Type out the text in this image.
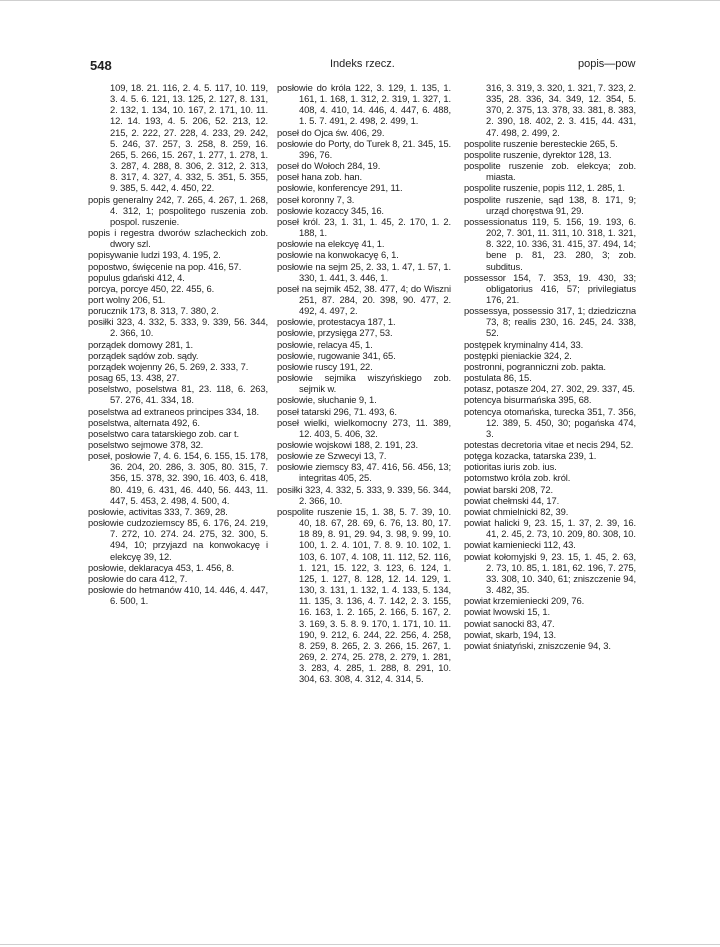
548	Indeks rzecz.	popis—pow

109, 18. 21. 116, 2. 4. 5. 117, 10. 119, 3. 4. 5. 6. 121, 13. 125, 2. 127, 8. 131, 2. 132, 1. 134, 10. 167, 2. 171, 10. 11. 12. 14. 193, 4. 5. 206, 52. 213, 12. 215, 2. 222, 27. 228, 4. 233, 29. 242, 5. 246, 37. 257, 3. 258, 8. 259, 16. 265, 5. 266, 15. 267, 1. 277, 1. 278, 1. 3. 287, 4. 288, 8. 306, 2. 312, 2. 313, 8. 317, 4. 327, 4. 332, 5. 351, 5. 355, 9. 385, 5. 442, 4. 450, 22.

popis generalny 242, 7. 265, 4. 267, 1. 268, 4. 312, 1; pospolitego ruszenia zob. pospol. ruszenie.

popis i regestra dworów szlacheckich zob. dwory szl.

popisywanie ludzi 193, 4. 195, 2.

popostwo, święcenie na pop. 416, 57.

populus gdański 412, 4.

porcya, porcye 450, 22. 455, 6.

port wolny 206, 51.

porucznik 173, 8. 313, 7. 380, 2.

posiłki 323, 4. 332, 5. 333, 9. 339, 56. 344, 2. 366, 10.

porządek domowy 281, 1.

porządek sądów zob. sądy.

porządek wojenny 26, 5. 269, 2. 333, 7.

posag 65, 13. 438, 27.

poselstwo, poselstwa 81, 23. 118, 6. 263, 57. 276, 41. 334, 18.

poselstwa ad extraneos principes 334, 18.

poselstwa, alternata 492, 6.

poselstwo cara tatarskiego zob. car t.

poselstwo sejmowe 378, 32.

poseł, posłowie 7, 4. 6. 154, 6. 155, 15. 178, 36. 204, 20. 286, 3. 305, 80. 315, 7. 356, 15. 378, 32. 390, 16. 403, 6. 418, 80. 419, 6. 431, 46. 440, 56. 443, 11. 447, 5. 453, 2. 498, 4. 500, 4.

posłowie, activitas 333, 7. 369, 28.

posłowie cudzoziemscy 85, 6. 176, 24. 219, 7. 272, 10. 274. 24. 275, 32. 300, 5. 494, 10; przyjazd na konwokacyę i elekcyę 39, 12.

posłowie, deklaracya 453, 1. 456, 8.

posłowie do cara 412, 7.

posłowie do hetmanów 410, 14. 446, 4. 447, 6. 500, 1.

posłowie do króla 122, 3. 129, 1. 135, 1. 161, 1. 168, 1. 312, 2. 319, 1. 327, 1. 408, 4. 410, 14. 446, 4. 447, 6. 488, 1. 5. 7. 491, 2. 498, 2. 499, 1.

poseł do Ojca św. 406, 29.

posłowie do Porty, do Turek 8, 21. 345, 15. 396, 76.

poseł do Wołoch 284, 19.

poseł hana zob. han.

posłowie, konferencye 291, 11.

poseł koronny 7, 3.

posłowie kozaccy 345, 16.

poseł król. 23, 1. 31, 1. 45, 2. 170, 1. 2. 188, 1.

posłowie na elekcyę 41, 1.

posłowie na konwokacyę 6, 1.

posłowie na sejm 25, 2. 33, 1. 47, 1. 57, 1. 330, 1. 441, 3. 446, 1.

poseł na sejmik 452, 38. 477, 4; do Wiszni 251, 87. 284, 20. 398, 90. 477, 2. 492, 4. 497, 2.

posłowie, protestacya 187, 1.

posłowie, przysięga 277, 53.

posłowie, relacya 45, 1.

posłowie, rugowanie 341, 65.

posłowie ruscy 191, 22.

posłowie sejmika wiszyńskiego zob. sejmik w.

posłowie, słuchanie 9, 1.

poseł tatarski 296, 71. 493, 6.

poseł wielki, wielkomocny 273, 11. 389, 12. 403, 5. 406, 32.

posłowie wojskowi 188, 2. 191, 23.

posłowie ze Szwecyi 13, 7.

posłowie ziemscy 83, 47. 416, 56. 456, 13; integritas 405, 25.

posiłki 323, 4. 332, 5. 333, 9. 339, 56. 344, 2. 366, 10.

pospolite ruszenie 15, 1. 38, 5. 7. 39, 10. 40, 18. 67, 28. 69, 6. 76, 13. 80, 17. 18 89, 8. 91, 29. 94, 3. 98, 9. 99, 10. 100, 1. 2. 4. 101, 7. 8. 9. 10. 102, 1. 103, 6. 107, 4. 108, 11. 112, 52. 116, 1. 121, 15. 122, 3. 123, 6. 124, 1. 125, 1. 127, 8. 128, 12. 14. 129, 1. 130, 3. 131, 1. 132, 1. 4. 133, 5. 134, 11. 135, 3. 136, 4. 7. 142, 2. 3. 155, 16. 163, 1. 2. 165, 2. 166, 5. 167, 2. 3. 169, 3. 5. 8. 9. 170, 1. 171, 10. 11. 190, 9. 212, 6. 244, 22. 256, 4. 258, 8. 259, 8. 265, 2. 3. 266, 15. 267, 1. 269, 2. 274, 25. 278, 2. 279, 1. 281, 3. 283, 4. 285, 1. 288, 8. 291, 10. 304, 63. 308, 4. 312, 4. 314, 5.

316, 3. 319, 3. 320, 1. 321, 7. 323, 2. 335, 28. 336, 34. 349, 12. 354, 5. 370, 2. 375, 13. 378, 33. 381, 8. 383, 2. 390, 18. 402, 2. 3. 415, 44. 431, 47. 498, 2. 499, 2.

pospolite ruszenie beresteckie 265, 5.

pospolite ruszenie, dyrektor 128, 13.

pospolite ruszenie zob. elekcya; zob. miasta.

pospolite ruszenie, popis 112, 1. 285, 1.

pospolite ruszenie, sąd 138, 8. 171, 9; urząd choręstwa 91, 29.

possessionatus 119, 5. 156, 19. 193, 6. 202, 7. 301, 11. 311, 10. 318, 1. 321, 8. 322, 10. 336, 31. 415, 37. 494, 14; bene p. 81, 23. 280, 3; zob. subditus.

possessor 154, 7. 353, 19. 430, 33; obligatorius 416, 57; privilegiatus 176, 21.

possessya, possessio 317, 1; dziedziczna 73, 8; realis 230, 16. 245, 24. 338, 52.

postępek kryminalny 414, 33.

postępki pieniackie 324, 2.

postronni, pogranniczni zob. pakta.

postulata 86, 15.

potasz, potasze 204, 27. 302, 29. 337, 45.

potencya bisurmańska 395, 68.

potencya otomańska, turecka 351, 7. 356, 12. 389, 5. 450, 30; pogańska 474, 3.

potestas decretoria vitae et necis 294, 52.

potęga kozacka, tatarska 239, 1.

potioritas iuris zob. ius.

potomstwo króla zob. król.

powiat barski 208, 72.

powiat chełmski 44, 17.

powiat chmielnicki 82, 39.

powiat halicki 9, 23. 15, 1. 37, 2. 39, 16. 41, 2. 45, 2. 73, 10. 209, 80. 308, 10.

powiat kamieniecki 112, 43.

powiat kołomyjski 9, 23. 15, 1. 45, 2. 63, 2. 73, 10. 85, 1. 181, 62. 196, 7. 275, 33. 308, 10. 340, 61; zniszczenie 94, 3. 482, 35.

powiat krzemieniecki 209, 76.

powiat lwowski 15, 1.

powiat sanocki 83, 47.

powiat, skarb, 194, 13.

powiat śniatyński, zniszczenie 94, 3.
